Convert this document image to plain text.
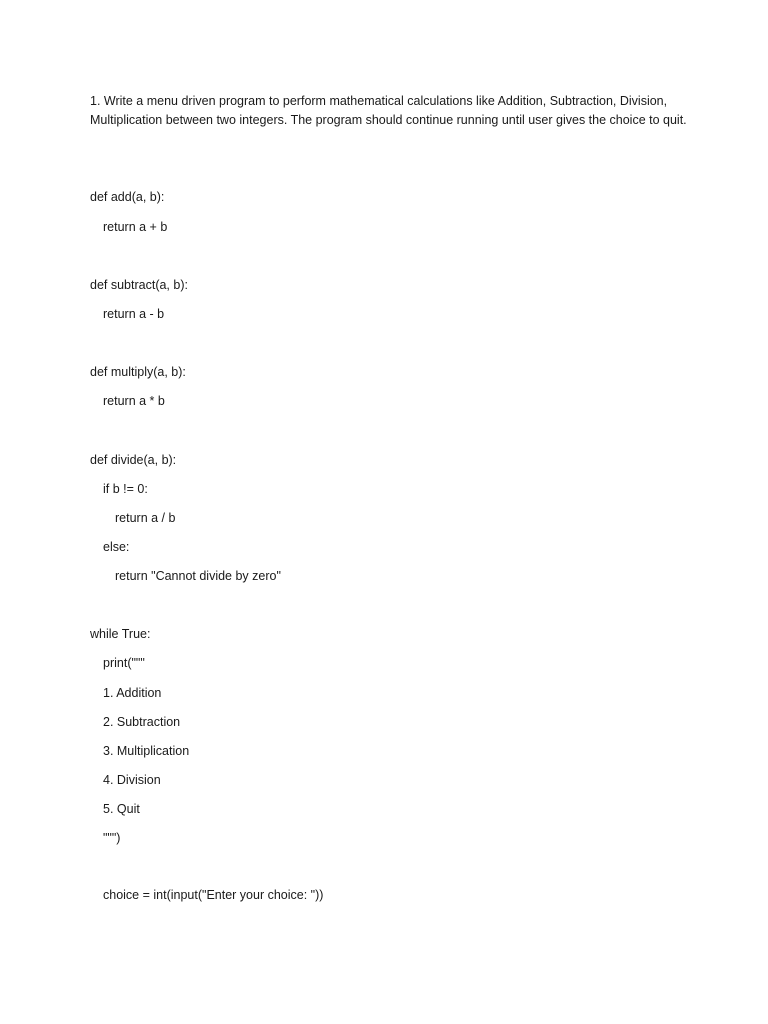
1. Write a menu driven program to perform mathematical calculations like Addition, Subtraction, Division, Multiplication between two integers. The program should continue running until user gives the choice to quit.

def add(a, b):
return a + b
def subtract(a, b):
return a - b
def multiply(a, b):
return a * b
def divide(a, b):
if b != 0:
return a / b
else:
return "Cannot divide by zero"
while True:
print("""
1. Addition
2. Subtraction
3. Multiplication
4. Division
5. Quit
""")
choice = int(input("Enter your choice: "))
